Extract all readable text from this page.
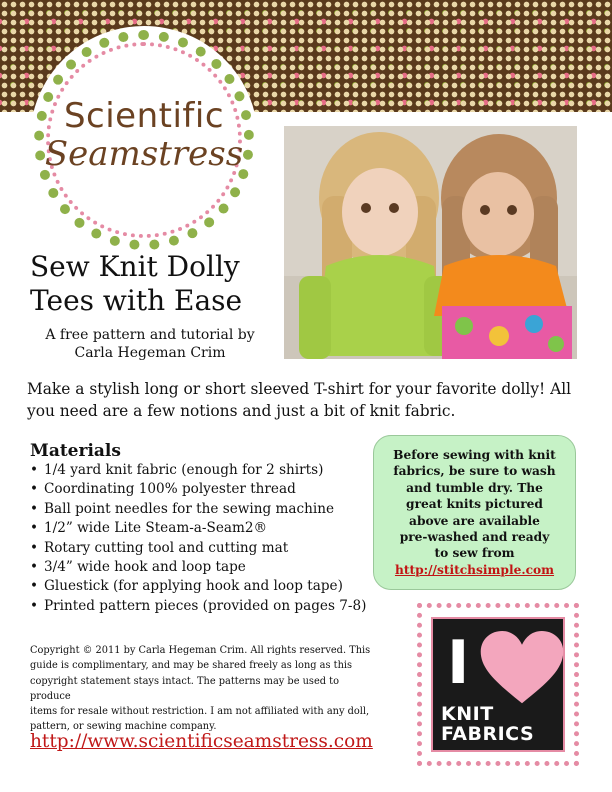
Scientific
Seamstress
Sew Knit Dolly
Tees with Ease
A free pattern and tutorial by
Carla Hegeman Crim

Make a stylish long or short sleeved T-shirt for your favorite dolly! All you need are a few notions and just a bit of knit fabric.

Materials
• 1/4 yard knit fabric (enough for 2 shirts)
• Coordinating 100% polyester thread
• Ball point needles for the sewing machine
• 1/2” wide Lite Steam-a-Seam2®
• Rotary cutting tool and cutting mat
• 3/4” wide hook and loop tape
• Gluestick (for applying hook and loop tape)
• Printed pattern pieces (provided on pages 7-8)
Before sewing with knit
fabrics, be sure to wash
and tumble dry. The
great knits pictured
above are available
pre-washed and ready
to sew from
http://stitchsimple.com
Copyright © 2011 by Carla Hegeman Crim. All rights reserved. This
guide is complimentary, and may be shared freely as long as this
copyright statement stays intact. The patterns may be used to produce
items for resale without restriction. I am not affiliated with any doll,
pattern, or sewing machine company.
http://www.scientificseamstress.com
I
KNIT
FABRICS
